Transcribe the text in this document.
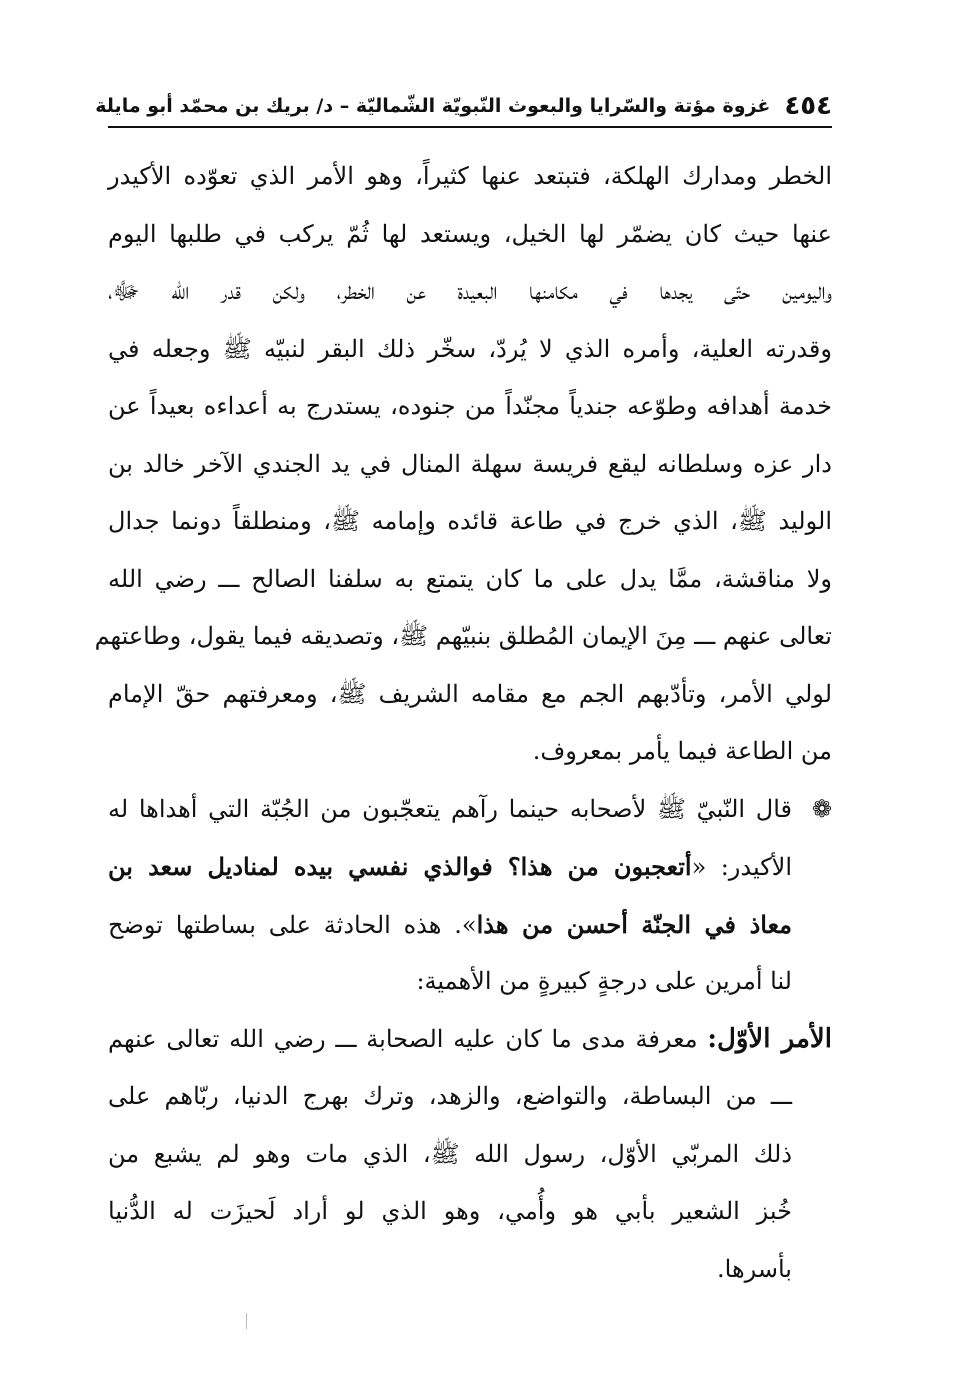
٤٥٤
غزوة مؤتة والسّرايا والبعوث النّبويّة الشّماليّة – د/ بريك بن محمّد أبو مايلة
الخطر ومدارك الهلكة، فتبتعد عنها كثيراً، وهو الأمر الذي تعوّده الأكيدر
عنها حيث كان يضمّر لها الخيل، ويستعد لها ثُمّ يركب في طلبها اليوم
واليومين حتّى يجدها في مكامنها البعيدة عن الخطر، ولكن قدر الله ﷻ،
وقدرته العلية، وأمره الذي لا يُردّ، سخّر ذلك البقر لنبيّه ﷺ وجعله في
خدمة أهدافه وطوّعه جندياً مجنّداً من جنوده، يستدرج به أعداءه بعيداً عن
دار عزه وسلطانه ليقع فريسة سهلة المنال في يد الجندي الآخر خالد بن
الوليد ﷺ، الذي خرج في طاعة قائده وإمامه ﷺ، ومنطلقاً دونما جدال
ولا مناقشة، ممَّا يدل على ما كان يتمتع به سلفنا الصالح ـــ رضي الله
تعالى عنهم ـــ مِنَ الإيمان المُطلق بنبيّهم ﷺ، وتصديقه فيما يقول، وطاعتهم
لولي الأمر، وتأدّبهم الجم مع مقامه الشريف ﷺ، ومعرفتهم حقّ الإمام
من الطاعة فيما يأمر بمعروف.
❁قال النّبيّ ﷺ لأصحابه حينما رآهم يتعجّبون من الجُبّة التي أهداها له
الأكيدر: «أتعجبون من هذا؟ فوالذي نفسي بيده لمناديل سعد بن
معاذ في الجنّة أحسن من هذا». هذه الحادثة على بساطتها توضح
لنا أمرين على درجةٍ كبيرةٍ من الأهمية:
الأمر الأوّل: معرفة مدى ما كان عليه الصحابة ـــ رضي الله تعالى عنهم
ـــ من البساطة، والتواضع، والزهد، وترك بهرج الدنيا، ربّاهم على
ذلك المربّي الأوّل، رسول الله ﷺ، الذي مات وهو لم يشبع من
خُبز الشعير بأبي هو وأُمي، وهو الذي لو أراد لَحيزَت له الدُّنيا
بأسرها.
